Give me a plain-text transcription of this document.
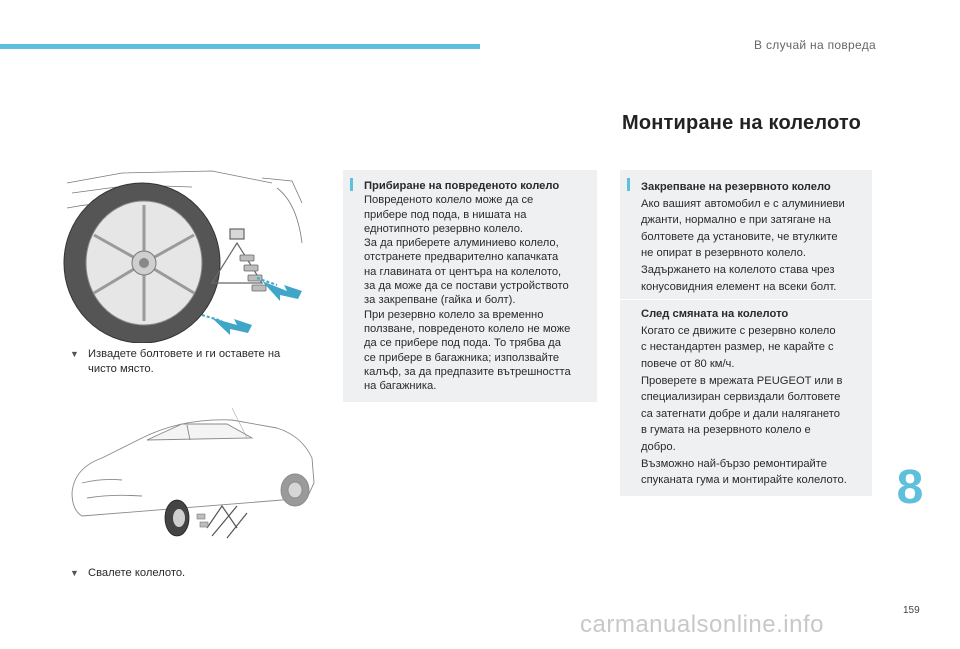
В случай на повреда
Монтиране на колелото
▼ Извадете болтовете и ги оставете на
чисто място.
▼ Свалете колелото.
Прибиране на повреденото колело

Повреденото колело може да се

прибере под пода, в нишата на

еднотипното резервно колело.

За да приберете алуминиево колело,

отстранете предварително капачката

на главината от центъра на колелото,

за да може да се постави устройството

за закрепване (гайка и болт).

При резервно колело за временно

ползване, повреденото колело не може

да се прибере под пода. То трябва да

се прибере в багажника; използвайте

калъф, за да предпазите вътрешността

на багажника.

Закрепване на резервното колело

Ако вашият автомобил е с алуминиеви

джанти, нормално е при затягане на

болтовете да установите, че втулките

не опират в резервното колело.

Задържането на колелото става чрез

конусовидния елемент на всеки болт.

След смяната на колелото

Когато се движите с резервно колело

с нестандартен размер, не карайте с

повече от 80 км/ч.

Проверете в мрежата PEUGEOT или в

специализиран сервиздали болтовете

са затегнати добре и дали налягането

в гумата на резервното колело е

добро.

Възможно най-бързо ремонтирайте

спуканата гума и монтирайте колелото.	8
159
carmanualsonline.info
